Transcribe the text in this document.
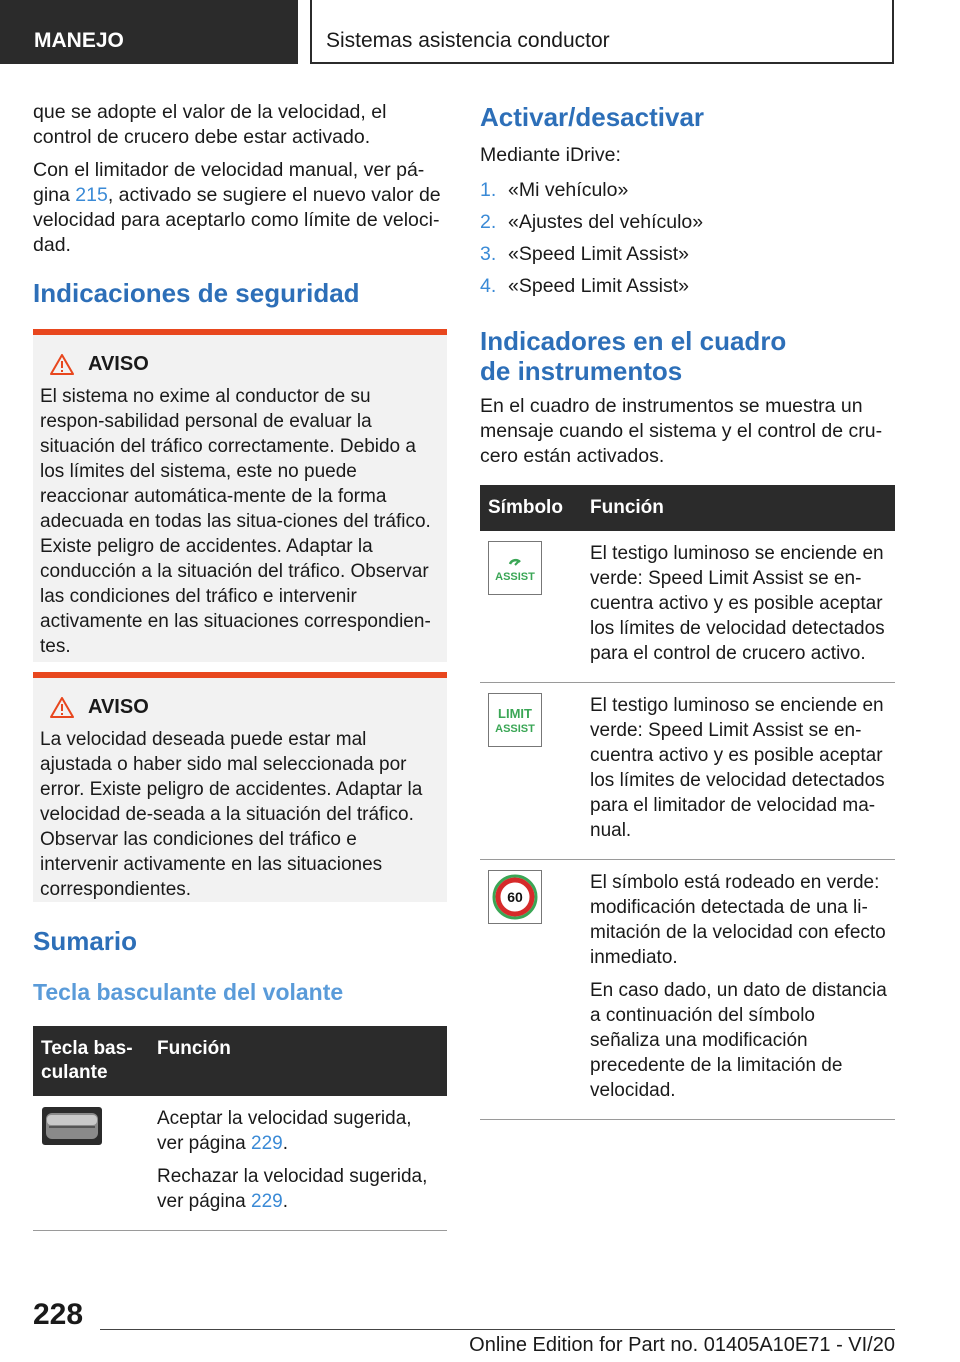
MANEJO	Sistemas asistencia conductor

que se adopte el valor de la velocidad, el control de crucero debe estar activado.

Con el limitador de velocidad manual, ver pá-gina 215, activado se sugiere el nuevo valor de velocidad para aceptarlo como límite de veloci-dad.

Indicaciones de seguridad
AVISO

El sistema no exime al conductor de su respon-sabilidad personal de evaluar la situación del tráfico correctamente. Debido a los límites del sistema, este no puede reaccionar automática-mente de la forma adecuada en todas las situa-ciones del tráfico. Existe peligro de accidentes. Adaptar la conducción a la situación del tráfico. Observar las condiciones del tráfico e intervenir activamente en las situaciones correspondien-tes.

AVISO

La velocidad deseada puede estar mal ajustada o haber sido mal seleccionada por error. Existe peligro de accidentes. Adaptar la velocidad de-seada a la situación del tráfico. Observar las condiciones del tráfico e intervenir activamente en las situaciones correspondientes.

Sumario
Tecla basculante del volante
Tecla bas-culante	Función

Aceptar la velocidad sugerida, ver página 229.

Rechazar la velocidad sugerida, ver página 229.

Activar/desactivar

Mediante iDrive:

1. «Mi vehículo»
2. «Ajustes del vehículo»
3. «Speed Limit Assist»
4. «Speed Limit Assist»
Indicadores en el cuadro
de instrumentos

En el cuadro de instrumentos se muestra un mensaje cuando el sistema y el control de cru-cero están activados.

Símbolo	Función

ASSIST	El testigo luminoso se enciende en verde: Speed Limit Assist se en-cuentra activo y es posible aceptar los límites de velocidad detectados para el control de crucero activo.

LIMIT
ASSIST	El testigo luminoso se enciende en verde: Speed Limit Assist se en-cuentra activo y es posible aceptar los límites de velocidad detectados para el limitador de velocidad ma-nual.

60	El símbolo está rodeado en verde: modificación detectada de una li-mitación de la velocidad con efecto inmediato.

En caso dado, un dato de distancia a continuación del símbolo señaliza una modificación precedente de la limitación de velocidad.

228
Online Edition for Part no. 01405A10E71 - VI/20
